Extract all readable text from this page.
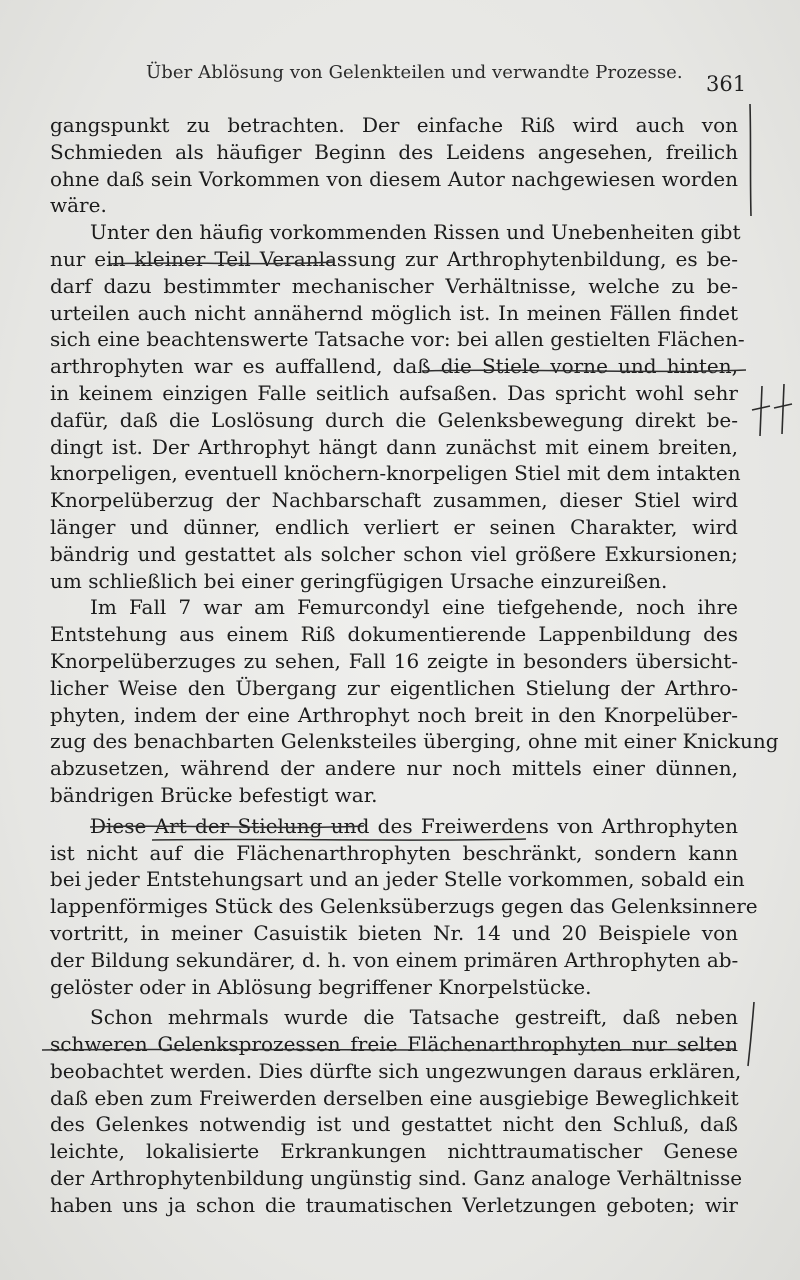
Über Ablösung von Gelenkteilen und verwandte Prozesse. 361
gangspunkt zu betrachten. Der einfache Riß wird auch von
Schmieden als häufiger Beginn des Leidens angesehen, freilich
ohne daß sein Vorkommen von diesem Autor nachgewiesen worden
wäre.
Unter den häufig vorkommenden Rissen und Unebenheiten gibt
nur ein kleiner Teil Veranlassung zur Arthrophytenbildung, es be-
darf dazu bestimmter mechanischer Verhältnisse, welche zu be-
urteilen auch nicht annähernd möglich ist. In meinen Fällen findet
sich eine beachtenswerte Tatsache vor: bei allen gestielten Flächen-
arthrophyten war es auffallend, daß die Stiele vorne und hinten,
in keinem einzigen Falle seitlich aufsaßen. Das spricht wohl sehr
dafür, daß die Loslösung durch die Gelenksbewegung direkt be-
dingt ist. Der Arthrophyt hängt dann zunächst mit einem breiten,
knorpeligen, eventuell knöchern-knorpeligen Stiel mit dem intakten
Knorpelüberzug der Nachbarschaft zusammen, dieser Stiel wird
länger und dünner, endlich verliert er seinen Charakter, wird
bändrig und gestattet als solcher schon viel größere Exkursionen;
um schließlich bei einer geringfügigen Ursache einzureißen.
Im Fall 7 war am Femurcondyl eine tiefgehende, noch ihre
Entstehung aus einem Riß dokumentierende Lappenbildung des
Knorpelüberzuges zu sehen, Fall 16 zeigte in besonders übersicht-
licher Weise den Übergang zur eigentlichen Stielung der Arthro-
phyten, indem der eine Arthrophyt noch breit in den Knorpelüber-
zug des benachbarten Gelenksteiles überging, ohne mit einer Knickung
abzusetzen, während der andere nur noch mittels einer dünnen,
bändrigen Brücke befestigt war.
Diese Art der Stielung und des Freiwerdens von Arthrophyten
ist nicht auf die Flächenarthrophyten beschränkt, sondern kann
bei jeder Entstehungsart und an jeder Stelle vorkommen, sobald ein
lappenförmiges Stück des Gelenksüberzugs gegen das Gelenksinnere
vortritt, in meiner Casuistik bieten Nr. 14 und 20 Beispiele von
der Bildung sekundärer, d. h. von einem primären Arthrophyten ab-
gelöster oder in Ablösung begriffener Knorpelstücke.
Schon mehrmals wurde die Tatsache gestreift, daß neben
schweren Gelenksprozessen freie Flächenarthrophyten nur selten
beobachtet werden. Dies dürfte sich ungezwungen daraus erklären,
daß eben zum Freiwerden derselben eine ausgiebige Beweglichkeit
des Gelenkes notwendig ist und gestattet nicht den Schluß, daß
leichte, lokalisierte Erkrankungen nichttraumatischer Genese
der Arthrophytenbildung ungünstig sind. Ganz analoge Verhältnisse
haben uns ja schon die traumatischen Verletzungen geboten; wir
